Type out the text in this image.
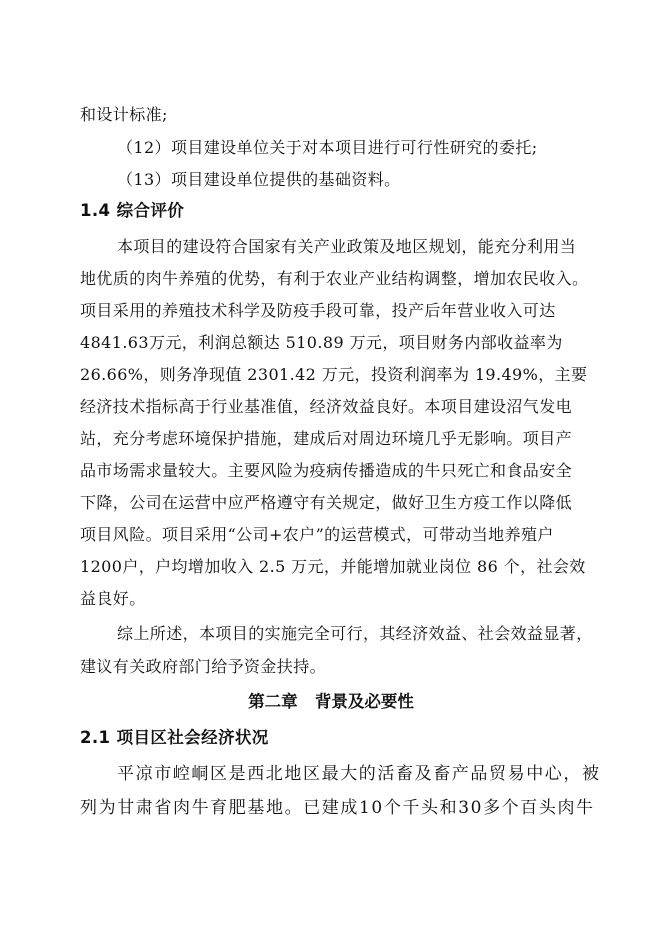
和设计标准;
（12）项目建设单位关于对本项目进行可行性研究的委托;
（13）项目建设单位提供的基础资料。
1.4 综合评价
本项目的建设符合国家有关产业政策及地区规划，能充分利用当
地优质的肉牛养殖的优势，有利于农业产业结构调整，增加农民收入。
项目采用的养殖技术科学及防疫手段可靠，投产后年营业收入可达
4841.63万元，利润总额达 510.89 万元，项目财务内部收益率为
26.66%，则务净现值 2301.42 万元，投资利润率为 19.49%，主要
经济技术指标高于行业基准值，经济效益良好。本项目建设沼气发电
站，充分考虑环境保护措施，建成后对周边环境几乎无影响。项目产
品市场需求量较大。主要风险为疫病传播造成的牛只死亡和食品安全
下降，公司在运营中应严格遵守有关规定，做好卫生方疫工作以降低
项目风险。项目采用“公司+农户”的运营模式，可带动当地养殖户
1200户，户均增加收入 2.5 万元，并能增加就业岗位 86 个，社会效
益良好。
综上所述，本项目的实施完全可行，其经济效益、社会效益显著，
建议有关政府部门给予资金扶持。
第二章   背景及必要性
2.1 项目区社会经济状况
平凉市崆峒区是西北地区最大的活畜及畜产品贸易中心，被
列为甘肃省肉牛育肥基地。已建成10个千头和30多个百头肉牛
